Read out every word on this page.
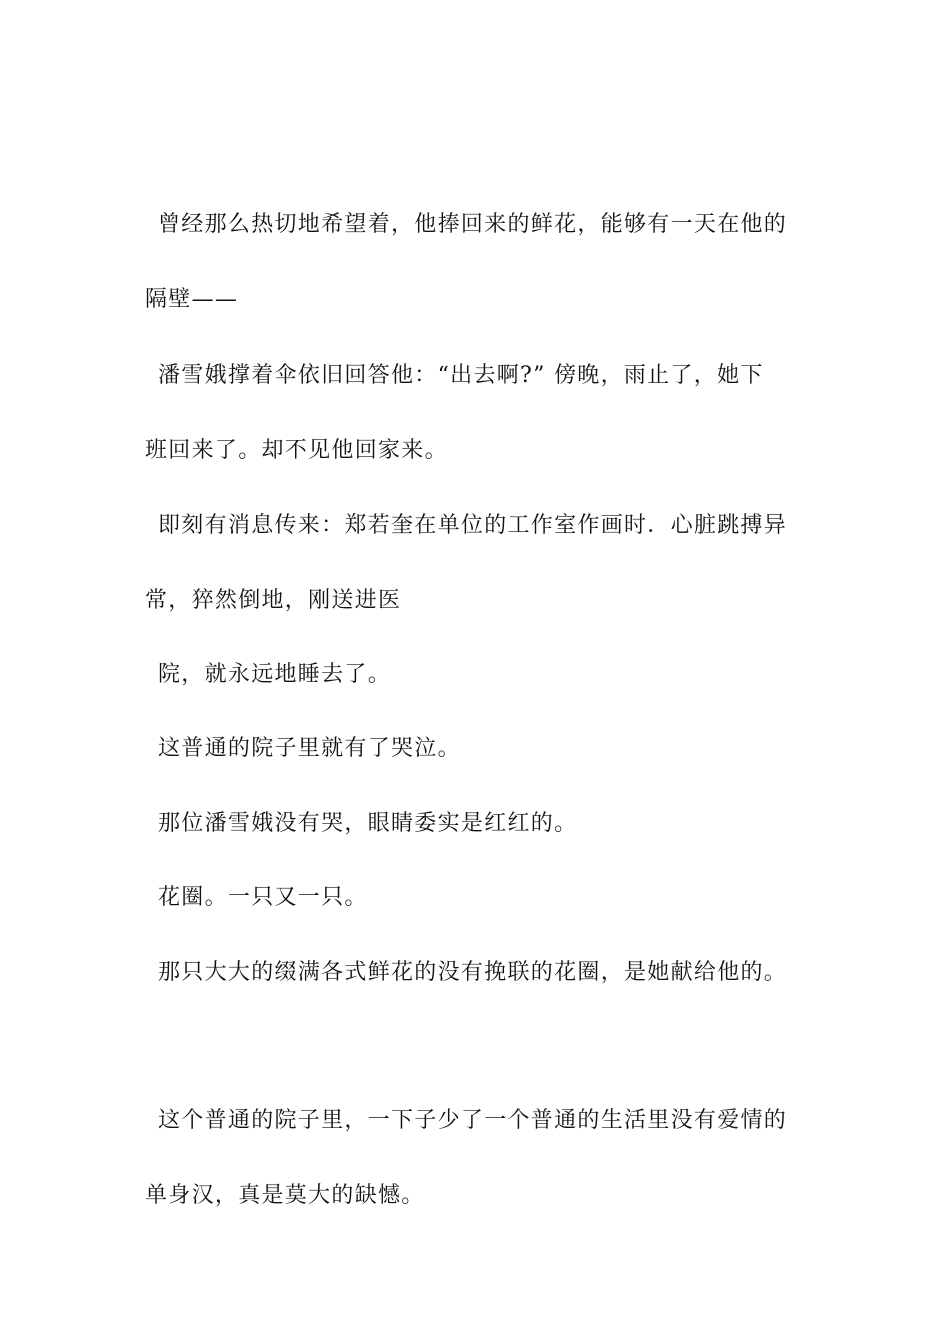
曾经那么热切地希望着，他捧回来的鲜花，能够有一天在他的
隔壁——
潘雪娥撑着伞依旧回答他：“出去啊?” 傍晚，雨止了，她下
班回来了。却不见他回家来。
即刻有消息传来：郑若奎在单位的工作室作画时．心脏跳搏异
常，猝然倒地，刚送进医
院，就永远地睡去了。
这普通的院子里就有了哭泣。
那位潘雪娥没有哭，眼睛委实是红红的。
花圈。一只又一只。
那只大大的缀满各式鲜花的没有挽联的花圈，是她献给他的。
这个普通的院子里，一下子少了一个普通的生活里没有爱情的
单身汉，真是莫大的缺憾。
